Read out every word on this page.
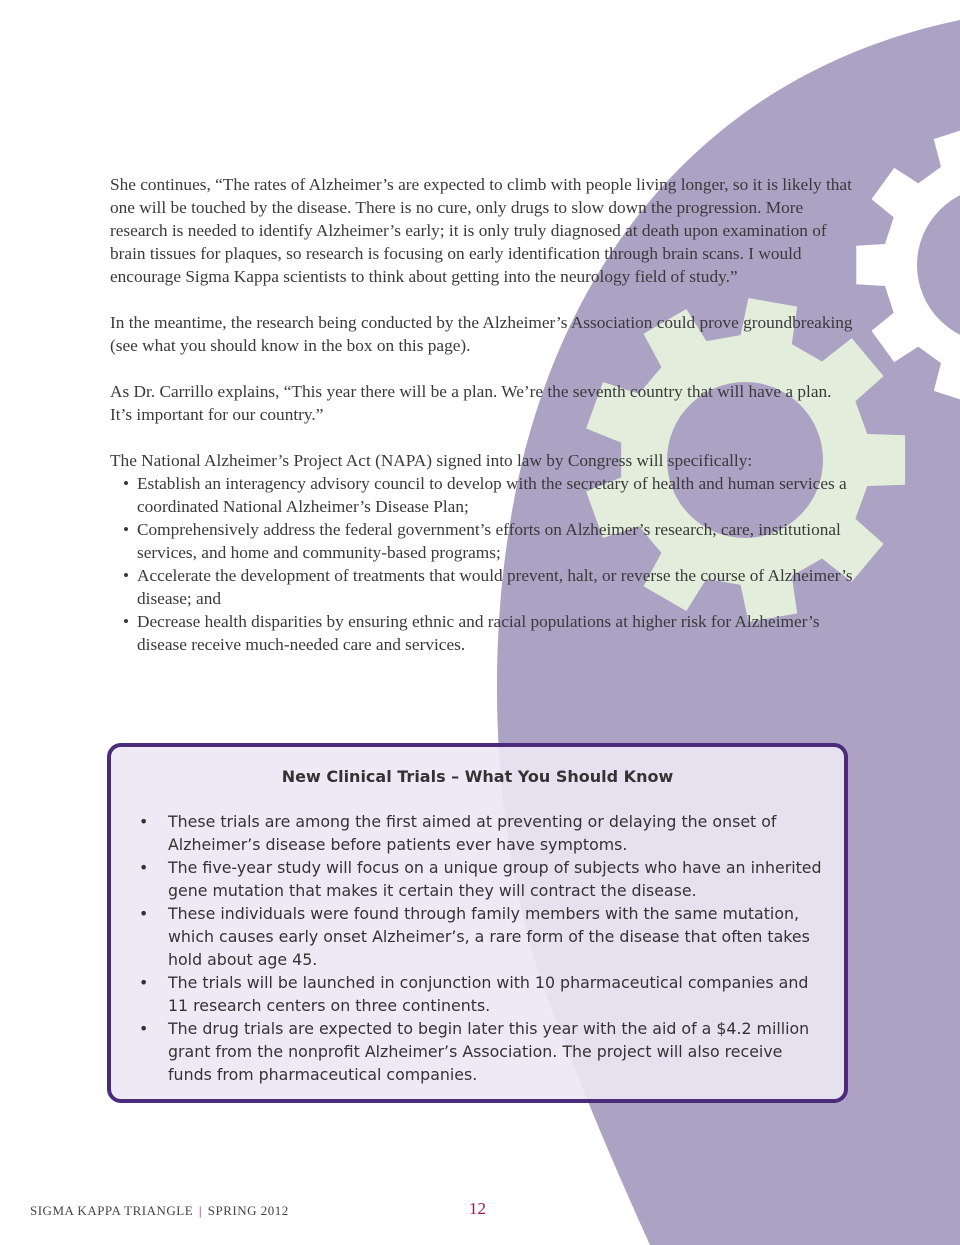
She continues, “The rates of Alzheimer’s are expected to climb with people living longer, so it is likely that one will be touched by the disease. There is no cure, only drugs to slow down the progression. More research is needed to identify Alzheimer’s early; it is only truly diagnosed at death upon examination of brain tissues for plaques, so research is focusing on early identification through brain scans. I would encourage Sigma Kappa scientists to think about getting into the neurology field of study.”

In the meantime, the research being conducted by the Alzheimer’s Association could prove groundbreaking (see what you should know in the box on this page).

As Dr. Carrillo explains, “This year there will be a plan. We’re the seventh country that will have a plan. It’s important for our country.”

The National Alzheimer’s Project Act (NAPA) signed into law by Congress will specifically:
• Establish an interagency advisory council to develop with the secretary of health and human services a coordinated National Alzheimer’s Disease Plan;
• Comprehensively address the federal government’s efforts on Alzheimer’s research, care, institutional services, and home and community-based programs;
• Accelerate the development of treatments that would prevent, halt, or reverse the course of Alzheimer’s disease; and
• Decrease health disparities by ensuring ethnic and racial populations at higher risk for Alzheimer’s disease receive much-needed care and services.
New Clinical Trials – What You Should Know
• These trials are among the first aimed at preventing or delaying the onset of Alzheimer’s disease before patients ever have symptoms.
• The five-year study will focus on a unique group of subjects who have an inherited gene mutation that makes it certain they will contract the disease.
• These individuals were found through family members with the same mutation, which causes early onset Alzheimer’s, a rare form of the disease that often takes hold about age 45.
• The trials will be launched in conjunction with 10 pharmaceutical companies and 11 research centers on three continents.
• The drug trials are expected to begin later this year with the aid of a $4.2 million grant from the nonprofit Alzheimer’s Association. The project will also receive funds from pharmaceutical companies.
SIGMA KAPPA TRIANGLE | SPRING 2012	12
